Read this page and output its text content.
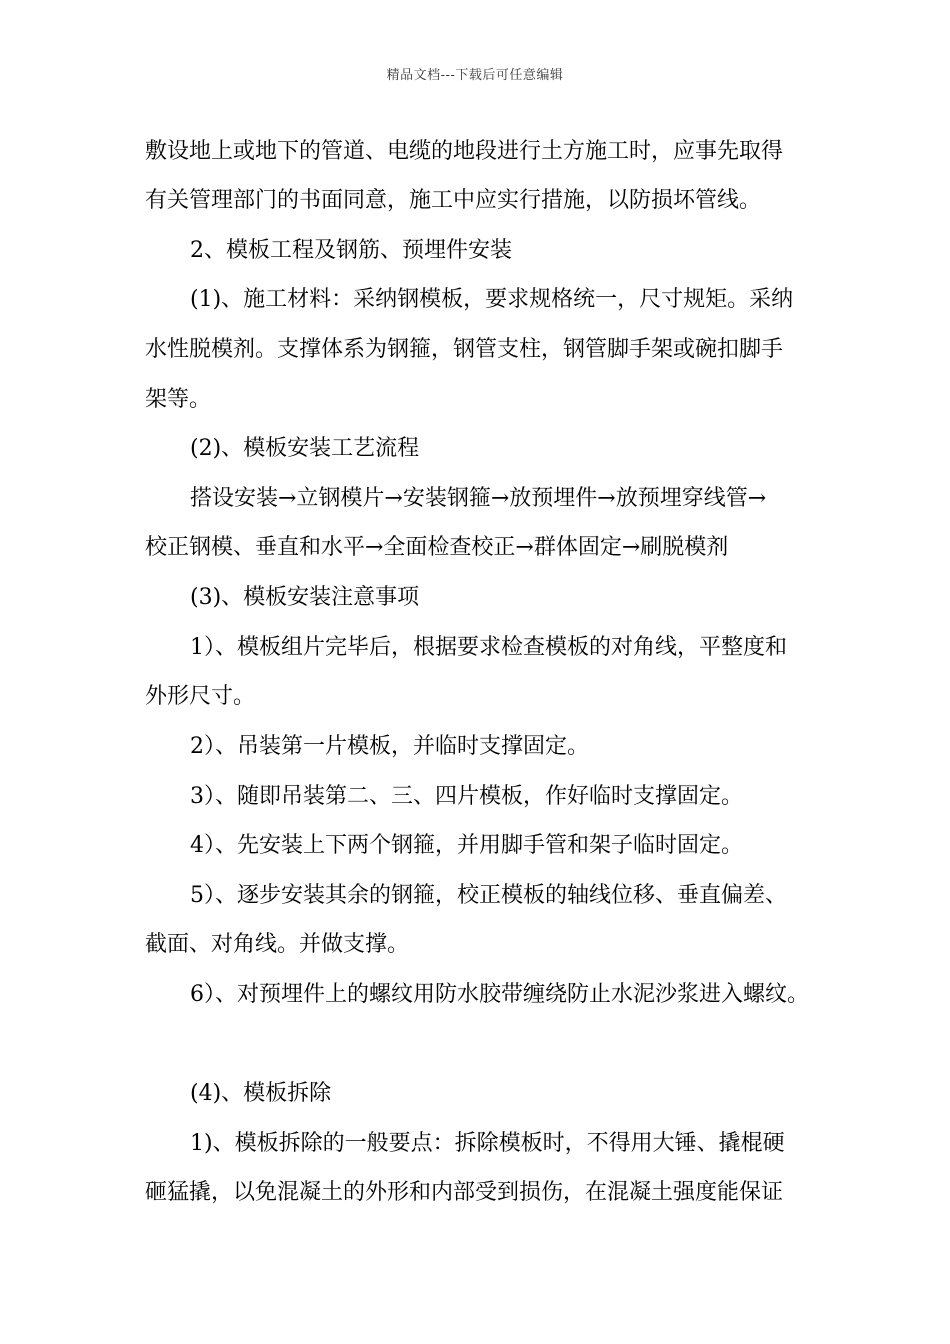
精品文档---下载后可任意编辑
敷设地上或地下的管道、电缆的地段进行土方施工时，应事先取得
有关管理部门的书面同意，施工中应实行措施，以防损坏管线。
2、模板工程及钢筋、预埋件安装
(1)、施工材料：采纳钢模板，要求规格统一，尺寸规矩。采纳
水性脱模剂。支撑体系为钢箍，钢管支柱，钢管脚手架或碗扣脚手
架等。
(2)、模板安装工艺流程
搭设安装→立钢模片→安装钢箍→放预埋件→放预埋穿线管→
校正钢模、垂直和水平→全面检查校正→群体固定→刷脱模剂
(3)、模板安装注意事项
1）、模板组片完毕后，根据要求检查模板的对角线，平整度和
外形尺寸。
2）、吊装第一片模板，并临时支撑固定。
3）、随即吊装第二、三、四片模板，作好临时支撑固定。
4）、先安装上下两个钢箍，并用脚手管和架子临时固定。
5）、逐步安装其余的钢箍，校正模板的轴线位移、垂直偏差、
截面、对角线。并做支撑。
6）、对预埋件上的螺纹用防水胶带缠绕防止水泥沙浆进入螺纹。
(4)、模板拆除
1)、模板拆除的一般要点：拆除模板时，不得用大锤、撬棍硬
砸猛撬，以免混凝土的外形和内部受到损伤，在混凝土强度能保证
